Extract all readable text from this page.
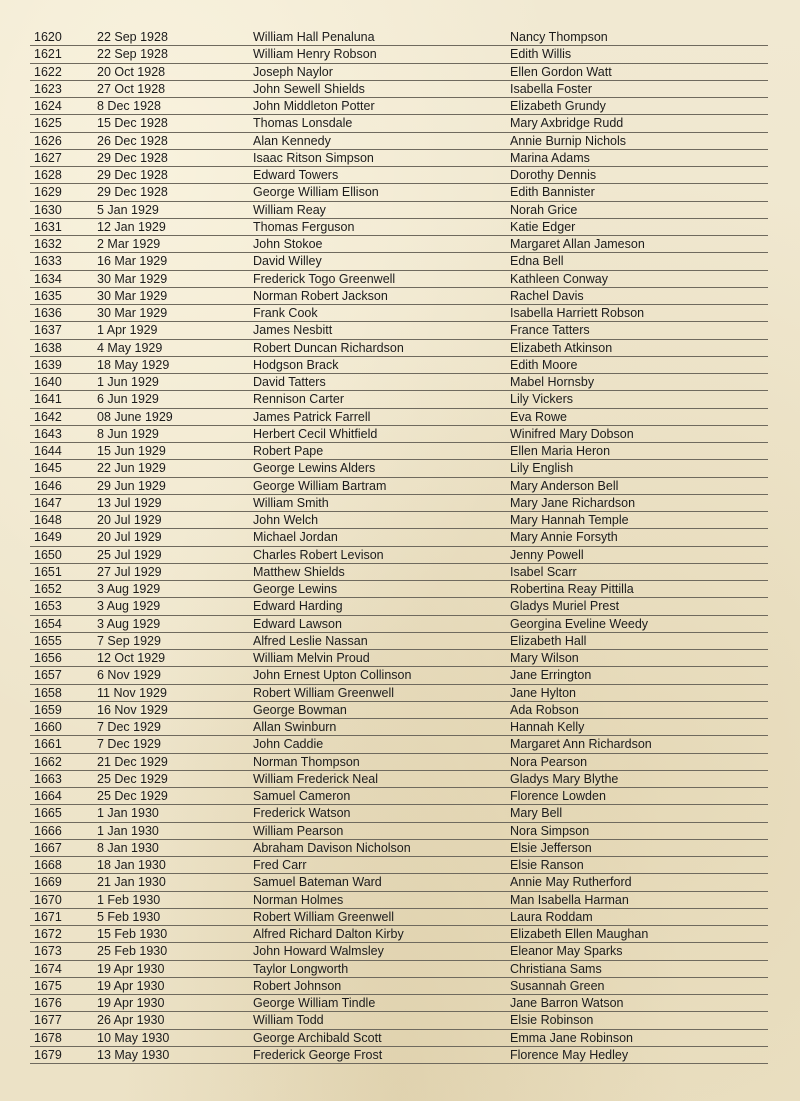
1620	22 Sep 1928	William Hall Penaluna	Nancy Thompson
1621	22 Sep 1928	William Henry Robson	Edith Willis
1622	20 Oct 1928	Joseph Naylor	Ellen Gordon Watt
1623	27 Oct 1928	John Sewell Shields	Isabella Foster
1624	8 Dec 1928	John Middleton Potter	Elizabeth Grundy
1625	15 Dec 1928	Thomas Lonsdale	Mary Axbridge Rudd
1626	26 Dec 1928	Alan Kennedy	Annie Burnip Nichols
1627	29 Dec 1928	Isaac Ritson Simpson	Marina Adams
1628	29 Dec 1928	Edward Towers	Dorothy Dennis
1629	29 Dec 1928	George William Ellison	Edith Bannister
1630	5 Jan 1929	William Reay	Norah Grice
1631	12 Jan 1929	Thomas Ferguson	Katie Edger
1632	2 Mar 1929	John Stokoe	Margaret Allan Jameson
1633	16 Mar 1929	David Willey	Edna Bell
1634	30 Mar 1929	Frederick Togo Greenwell	Kathleen Conway
1635	30 Mar 1929	Norman Robert Jackson	Rachel Davis
1636	30 Mar 1929	Frank Cook	Isabella Harriett Robson
1637	1 Apr 1929	James Nesbitt	France Tatters
1638	4 May 1929	Robert Duncan Richardson	Elizabeth Atkinson
1639	18 May 1929	Hodgson Brack	Edith Moore
1640	1 Jun 1929	David Tatters	Mabel Hornsby
1641	6 Jun 1929	Rennison Carter	Lily Vickers
1642	08 June 1929	James Patrick Farrell	Eva Rowe
1643	8 Jun 1929	Herbert Cecil Whitfield	Winifred Mary Dobson
1644	15 Jun 1929	Robert Pape	Ellen Maria Heron
1645	22 Jun 1929	George Lewins Alders	Lily English
1646	29 Jun 1929	George William Bartram	Mary Anderson Bell
1647	13 Jul 1929	William Smith	Mary Jane Richardson
1648	20 Jul 1929	John Welch	Mary Hannah Temple
1649	20 Jul 1929	Michael Jordan	Mary Annie Forsyth
1650	25 Jul 1929	Charles Robert Levison	Jenny Powell
1651	27 Jul 1929	Matthew Shields	Isabel Scarr
1652	3 Aug 1929	George Lewins	Robertina Reay Pittilla
1653	3 Aug 1929	Edward Harding	Gladys Muriel Prest
1654	3 Aug 1929	Edward Lawson	Georgina Eveline Weedy
1655	7 Sep 1929	Alfred Leslie Nassan	Elizabeth Hall
1656	12 Oct 1929	William Melvin Proud	Mary Wilson
1657	6 Nov 1929	John Ernest Upton Collinson	Jane Errington
1658	11 Nov 1929	Robert William Greenwell	Jane Hylton
1659	16 Nov 1929	George Bowman	Ada Robson
1660	7 Dec 1929	Allan Swinburn	Hannah Kelly
1661	7 Dec 1929	John Caddie	Margaret Ann Richardson
1662	21 Dec 1929	Norman Thompson	Nora Pearson
1663	25 Dec 1929	William Frederick Neal	Gladys Mary Blythe
1664	25 Dec 1929	Samuel Cameron	Florence Lowden
1665	1 Jan 1930	Frederick Watson	Mary Bell
1666	1 Jan 1930	William Pearson	Nora Simpson
1667	8 Jan 1930	Abraham Davison Nicholson	Elsie Jefferson
1668	18 Jan 1930	Fred Carr	Elsie Ranson
1669	21 Jan 1930	Samuel Bateman Ward	Annie May Rutherford
1670	1 Feb 1930	Norman Holmes	Man Isabella Harman
1671	5 Feb 1930	Robert William Greenwell	Laura Roddam
1672	15 Feb 1930	Alfred Richard Dalton Kirby	Elizabeth Ellen Maughan
1673	25 Feb 1930	John Howard Walmsley	Eleanor May Sparks
1674	19 Apr 1930	Taylor Longworth	Christiana Sams
1675	19 Apr 1930	Robert Johnson	Susannah Green
1676	19 Apr 1930	George William Tindle	Jane Barron Watson
1677	26 Apr 1930	William Todd	Elsie Robinson
1678	10 May 1930	George Archibald Scott	Emma Jane Robinson
1679	13 May 1930	Frederick George Frost	Florence May Hedley
